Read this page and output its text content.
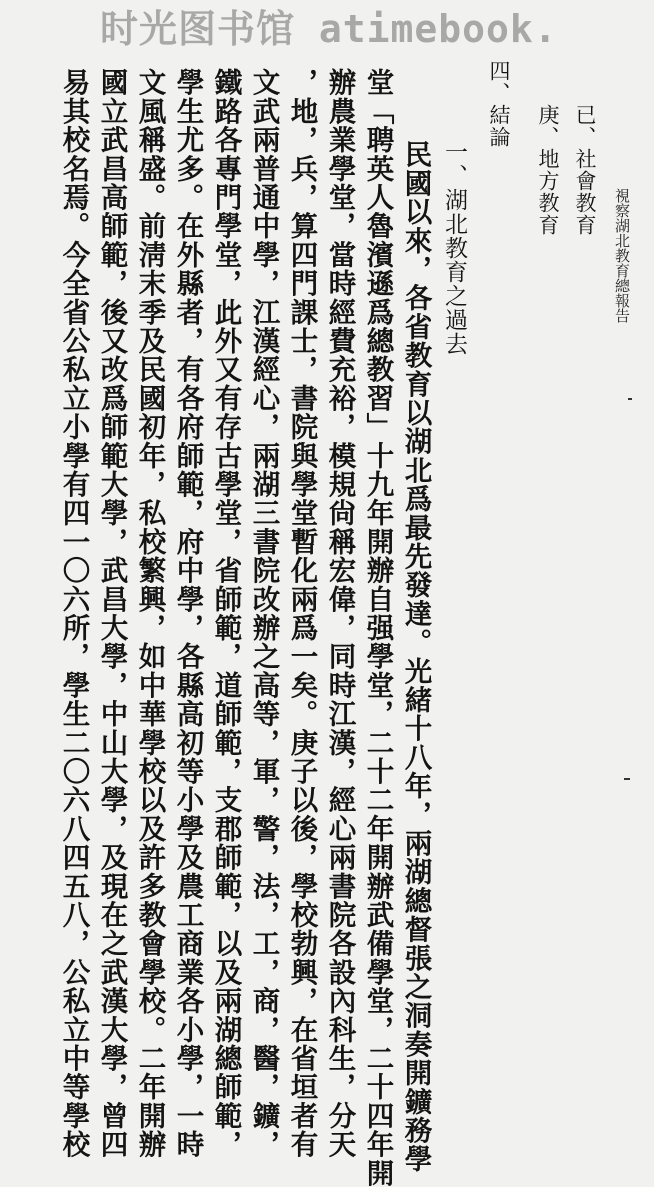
时光图书馆 atimebook.
視察湖北教育總報告
已、社會教育
庚、地方教育
四、結論
一、湖北教育之過去
民國以來，各省教育以湖北爲最先發達。光緒十八年，兩湖總督張之洞奏開鑛務學
堂「聘英人魯濱遜爲總教習」十九年開辦自强學堂，二十二年開辦武備學堂，二十四年開
辦農業學堂，當時經費充裕，模規尙稱宏偉，同時江漢，經心兩書院各設內科生，分天
，地，兵，算四門課士，書院與學堂暫化兩爲一矣。庚子以後，學校勃興，在省垣者有
文武兩普通中學，江漢經心，兩湖三書院改辦之高等，軍，警，法，工，商，醫，鑛，
鐵路各專門學堂，此外又有存古學堂，省師範，道師範，支郡師範，以及兩湖總師範，
學生尤多。在外縣者，有各府師範，府中學，各縣高初等小學及農工商業各小學，一時
文風稱盛。前淸末季及民國初年，私校繁興，如中華學校以及許多教會學校。二年開辦
國立武昌高師範，後又改爲師範大學，武昌大學，中山大學，及現在之武漢大學，曾四
易其校名焉。今全省公私立小學有四一〇六所，學生二〇六八四五八，公私立中等學校
